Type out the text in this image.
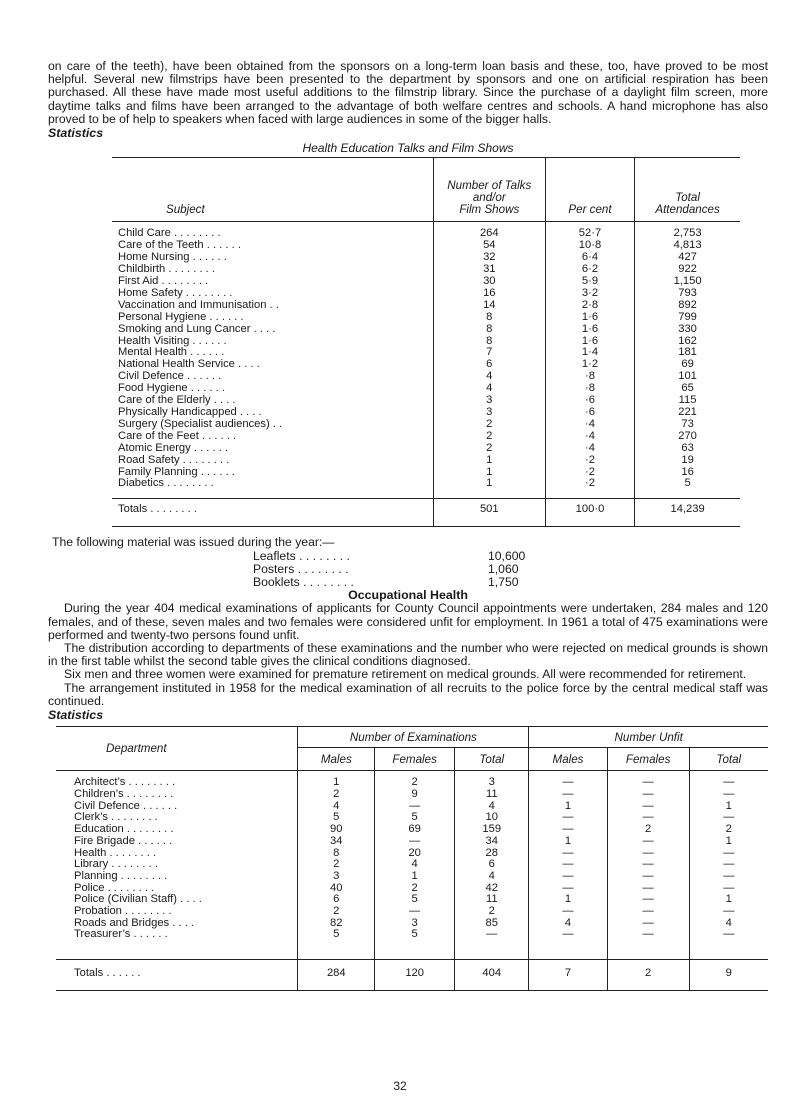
on care of the teeth), have been obtained from the sponsors on a long-term loan basis and these, too, have proved to be most helpful. Several new filmstrips have been presented to the department by sponsors and one on artificial respiration has been purchased. All these have made most useful additions to the filmstrip library. Since the purchase of a daylight film screen, more daytime talks and films have been arranged to the advantage of both welfare centres and schools. A hand microphone has also proved to be of help to speakers when faced with large audiences in some of the bigger halls.

Statistics

Health Education Talks and Film Shows

Subject	Number of Talks
and/or
Film Shows	Per cent	Total
Attendances
Child Care . . . . . . . .	264	52·7	2,753
Care of the Teeth . . . . . .	54	10·8	4,813
Home Nursing . . . . . .	32	6·4	427
Childbirth . . . . . . . .	31	6·2	922
First Aid . . . . . . . .	30	5·9	1,150
Home Safety . . . . . . . .	16	3·2	793
Vaccination and Immunisation . .	14	2·8	892
Personal Hygiene . . . . . .	8	1·6	799
Smoking and Lung Cancer . . . .	8	1·6	330
Health Visiting . . . . . .	8	1·6	162
Mental Health . . . . . .	7	1·4	181
National Health Service . . . .	6	1·2	69
Civil Defence . . . . . .	4	·8	101
Food Hygiene . . . . . .	4	·8	65
Care of the Elderly . . . .	3	·6	115
Physically Handicapped . . . .	3	·6	221
Surgery (Specialist audiences) . .	2	·4	73
Care of the Feet . . . . . .	2	·4	270
Atomic Energy . . . . . .	2	·4	63
Road Safety . . . . . . . .	1	·2	19
Family Planning . . . . . .	1	·2	16
Diabetics . . . . . . . .	1	·2	5
Totals . . . . . . . .	501	100·0	14,239
The following material was issued during the year:—
Leaflets . . . . . . . .	10,600
Posters . . . . . . . .	1,060
Booklets . . . . . . . .	1,750

Occupational Health

During the year 404 medical examinations of applicants for County Council appointments were undertaken, 284 males and 120 females, and of these, seven males and two females were considered unfit for employment. In 1961 a total of 475 examinations were performed and twenty-two persons found unfit.

The distribution according to departments of these examinations and the number who were rejected on medical grounds is shown in the first table whilst the second table gives the clinical conditions diagnosed.

Six men and three women were examined for premature retirement on medical grounds. All were recommended for retirement.

The arrangement instituted in 1958 for the medical examination of all recruits to the police force by the central medical staff was continued.

Statistics

Department	Number of Examinations			Number Unfit		
	Males	Females	Total	Males	Females	Total
Architect’s . . . . . . . .	1	2	3	—	—	—
Children’s . . . . . . . .	2	9	11	—	—	—
Civil Defence . . . . . .	4	—	4	1	—	1
Clerk’s . . . . . . . .	5	5	10	—	—	—
Education . . . . . . . .	90	69	159	—	2	2
Fire Brigade . . . . . .	34	—	34	1	—	1
Health . . . . . . . .	8	20	28	—	—	—
Library . . . . . . . .	2	4	6	—	—	—
Planning . . . . . . . .	3	1	4	—	—	—
Police . . . . . . . .	40	2	42	—	—	—
Police (Civilian Staff) . . . .	6	5	11	1	—	1
Probation . . . . . . . .	2	—	2	—	—	—
Roads and Bridges . . . .	82	3	85	4	—	4
Treasurer’s . . . . . .	5	5	—	—	—	—
Totals . . . . . .	284	120	404	7	2	9
32
